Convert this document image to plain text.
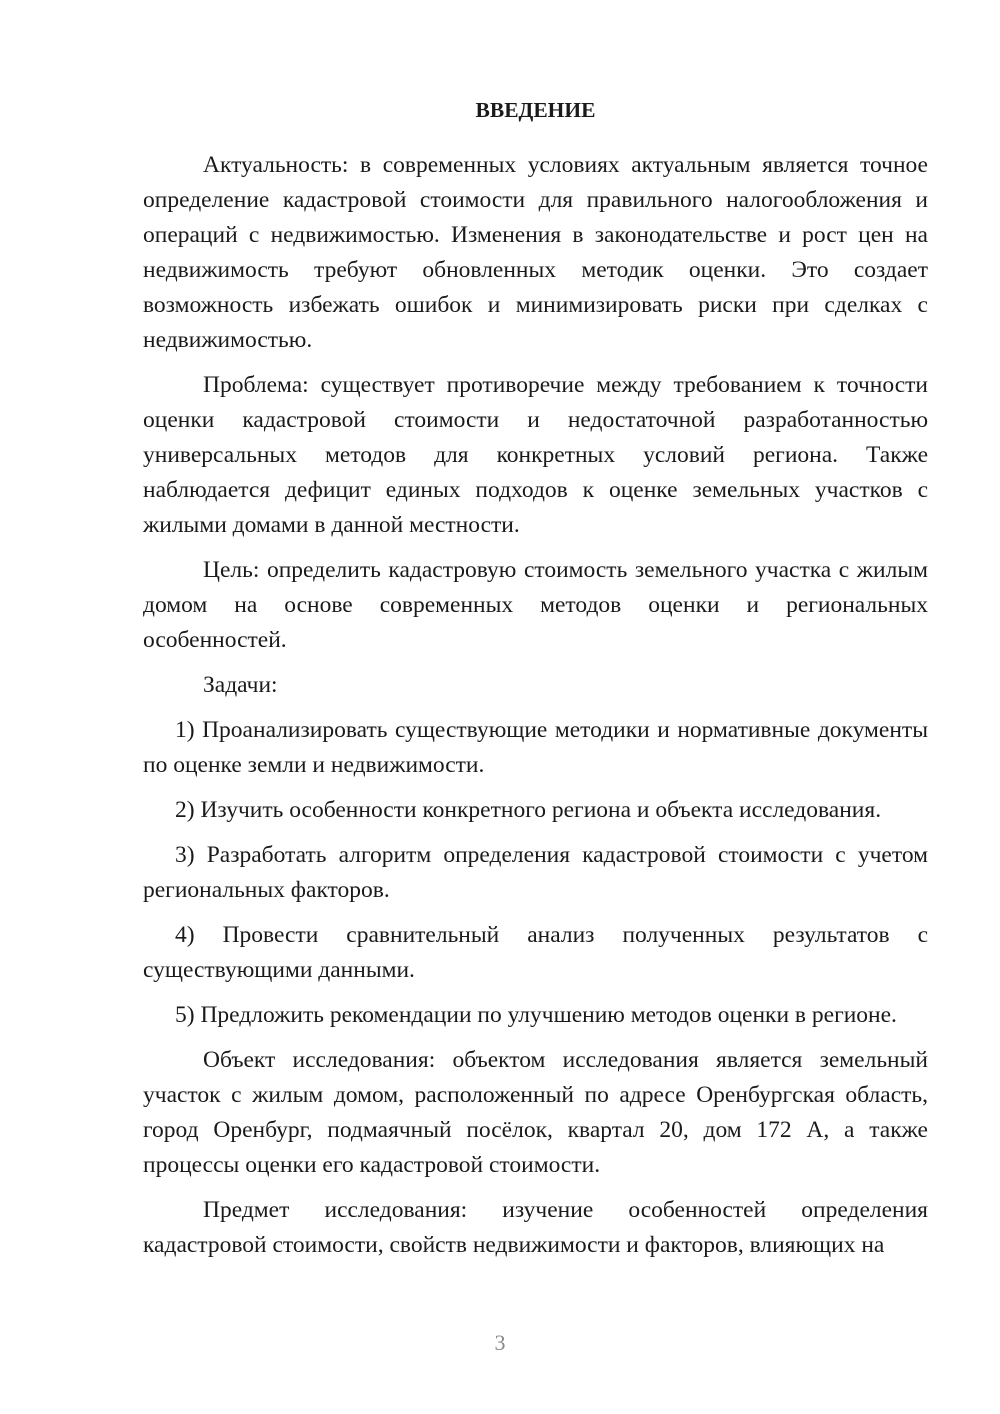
ВВЕДЕНИЕ

Актуальность: в современных условиях актуальным является точное определение кадастровой стоимости для правильного налогообложения и операций с недвижимостью. Изменения в законодательстве и рост цен на недвижимость требуют обновленных методик оценки. Это создает возможность избежать ошибок и минимизировать риски при сделках с недвижимостью.

Проблема: существует противоречие между требованием к точности оценки кадастровой стоимости и недостаточной разработанностью универсальных методов для конкретных условий региона. Также наблюдается дефицит единых подходов к оценке земельных участков с жилыми домами в данной местности.

Цель: определить кадастровую стоимость земельного участка с жилым домом на основе современных методов оценки и региональных особенностей.

Задачи:

1) Проанализировать существующие методики и нормативные документы по оценке земли и недвижимости.

2) Изучить особенности конкретного региона и объекта исследования.

3) Разработать алгоритм определения кадастровой стоимости с учетом региональных факторов.

4) Провести сравнительный анализ полученных результатов с существующими данными.

5) Предложить рекомендации по улучшению методов оценки в регионе.

Объект исследования: объектом исследования является земельный участок с жилым домом, расположенный по адресе Оренбургская область, город Оренбург, подмаячный посёлок, квартал 20, дом 172 А, а также процессы оценки его кадастровой стоимости.

Предмет исследования: изучение особенностей определения кадастровой стоимости, свойств недвижимости и факторов, влияющих на

3
